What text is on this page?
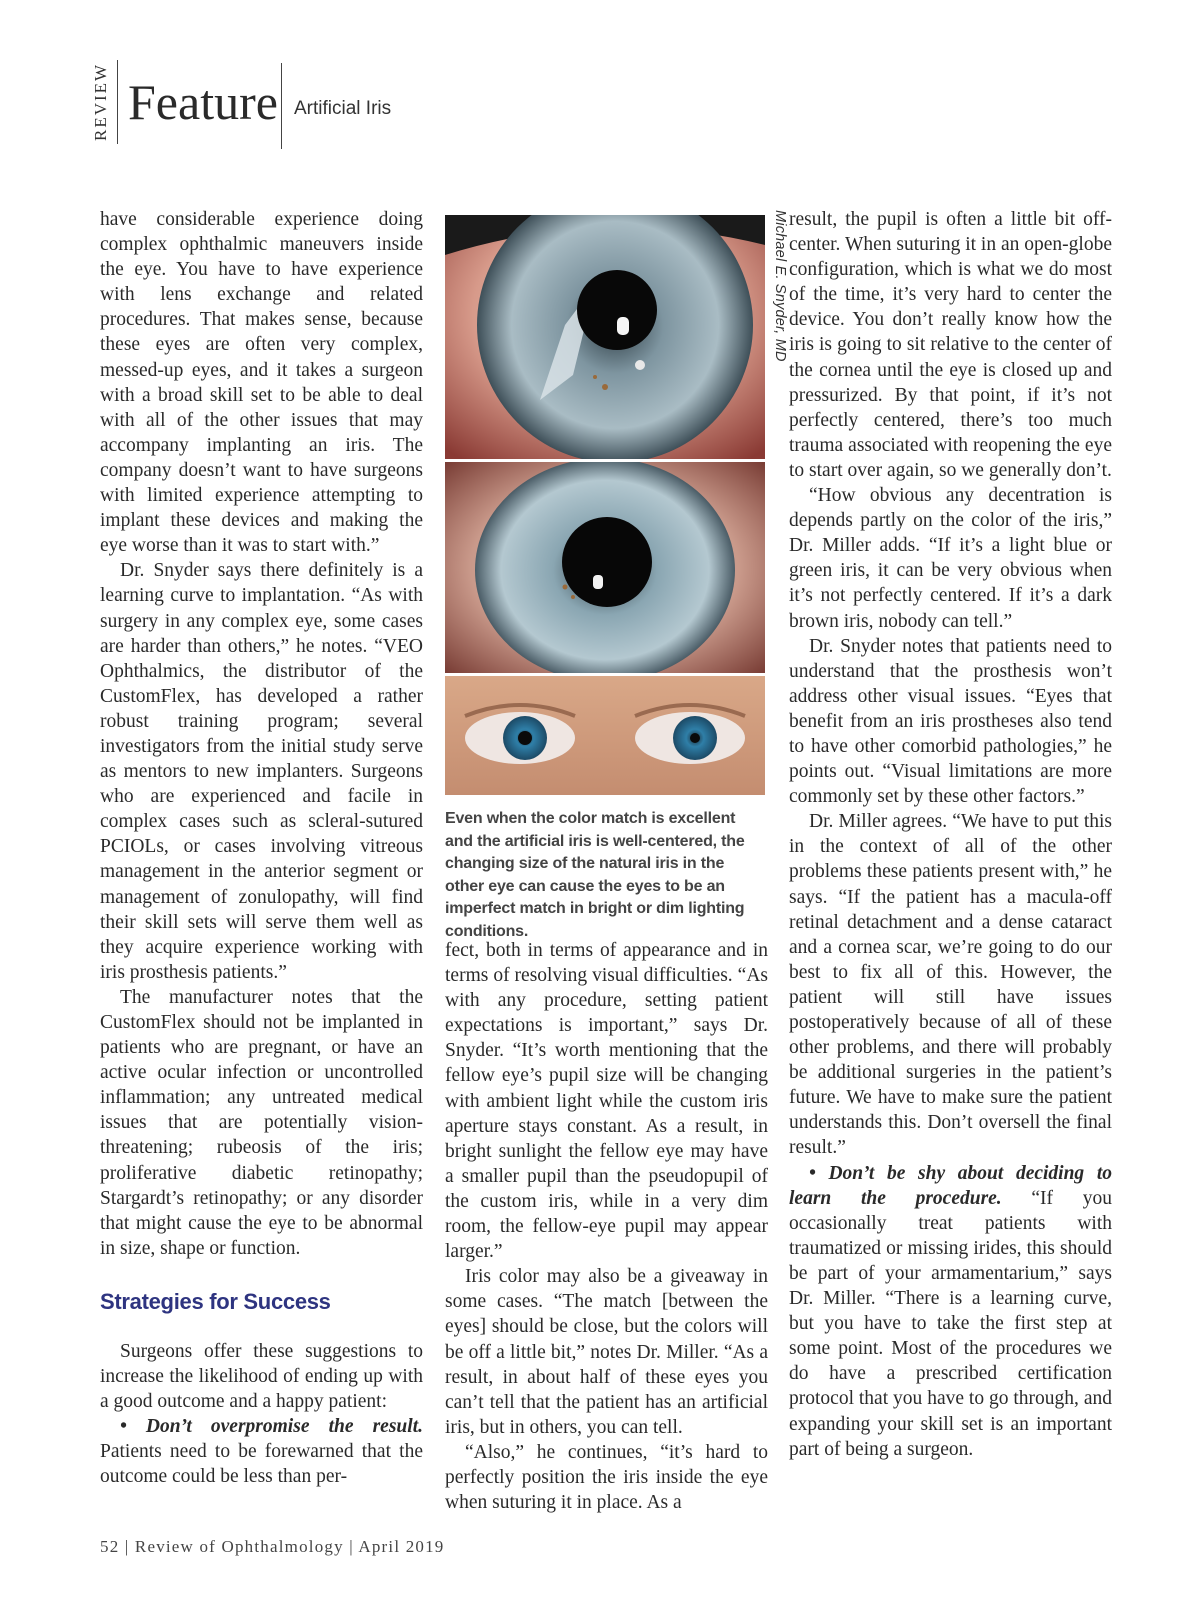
REVIEW Feature Artificial Iris

have considerable experience doing complex ophthalmic maneuvers inside the eye. You have to have experience with lens exchange and related procedures. That makes sense, because these eyes are often very complex, messed-up eyes, and it takes a surgeon with a broad skill set to be able to deal with all of the other issues that may accompany implanting an iris. The company doesn’t want to have surgeons with limited experience attempting to implant these devices and making the eye worse than it was to start with.”

Dr. Snyder says there definitely is a learning curve to implantation. “As with surgery in any complex eye, some cases are harder than others,” he notes. “VEO Ophthalmics, the distributor of the CustomFlex, has developed a rather robust training program; several investigators from the initial study serve as mentors to new implanters. Surgeons who are experienced and facile in complex cases such as scleral-sutured PCIOLs, or cases involving vitreous management in the anterior segment or management of zonulopathy, will find their skill sets will serve them well as they acquire experience working with iris prosthesis patients.”

The manufacturer notes that the CustomFlex should not be implanted in patients who are pregnant, or have an active ocular infection or uncontrolled inflammation; any untreated medical issues that are potentially vision-threatening; rubeosis of the iris; proliferative diabetic retinopathy; Stargardt’s retinopathy; or any disorder that might cause the eye to be abnormal in size, shape or function.

Strategies for Success

Surgeons offer these suggestions to increase the likelihood of ending up with a good outcome and a happy patient:

• Don’t overpromise the result. Patients need to be forewarned that the outcome could be less than per-

Michael E. Snyder, MD
Even when the color match is excellent and the artificial iris is well-centered, the changing size of the natural iris in the other eye can cause the eyes to be an imperfect match in bright or dim lighting conditions.

fect, both in terms of appearance and in terms of resolving visual difficulties. “As with any procedure, setting patient expectations is important,” says Dr. Snyder. “It’s worth mentioning that the fellow eye’s pupil size will be changing with ambient light while the custom iris aperture stays constant. As a result, in bright sunlight the fellow eye may have a smaller pupil than the pseudopupil of the custom iris, while in a very dim room, the fellow-eye pupil may appear larger.”

Iris color may also be a giveaway in some cases. “The match [between the eyes] should be close, but the colors will be off a little bit,” notes Dr. Miller. “As a result, in about half of these eyes you can’t tell that the patient has an artificial iris, but in others, you can tell.

“Also,” he continues, “it’s hard to perfectly position the iris inside the eye when suturing it in place. As a

result, the pupil is often a little bit off-center. When suturing it in an open-globe configuration, which is what we do most of the time, it’s very hard to center the device. You don’t really know how the iris is going to sit relative to the center of the cornea until the eye is closed up and pressurized. By that point, if it’s not perfectly centered, there’s too much trauma associated with reopening the eye to start over again, so we generally don’t.

“How obvious any decentration is depends partly on the color of the iris,” Dr. Miller adds. “If it’s a light blue or green iris, it can be very obvious when it’s not perfectly centered. If it’s a dark brown iris, nobody can tell.”

Dr. Snyder notes that patients need to understand that the prosthesis won’t address other visual issues. “Eyes that benefit from an iris prostheses also tend to have other comorbid pathologies,” he points out. “Visual limitations are more commonly set by these other factors.”

Dr. Miller agrees. “We have to put this in the context of all of the other problems these patients present with,” he says. “If the patient has a macula-off retinal detachment and a dense cataract and a cornea scar, we’re going to do our best to fix all of this. However, the patient will still have issues postoperatively because of all of these other problems, and there will probably be additional surgeries in the patient’s future. We have to make sure the patient understands this. Don’t oversell the final result.”

• Don’t be shy about deciding to learn the procedure. “If you occasionally treat patients with traumatized or missing irides, this should be part of your armamentarium,” says Dr. Miller. “There is a learning curve, but you have to take the first step at some point. Most of the procedures we do have a prescribed certification protocol that you have to go through, and expanding your skill set is an important part of being a surgeon.

52 | Review of Ophthalmology | April 2019
